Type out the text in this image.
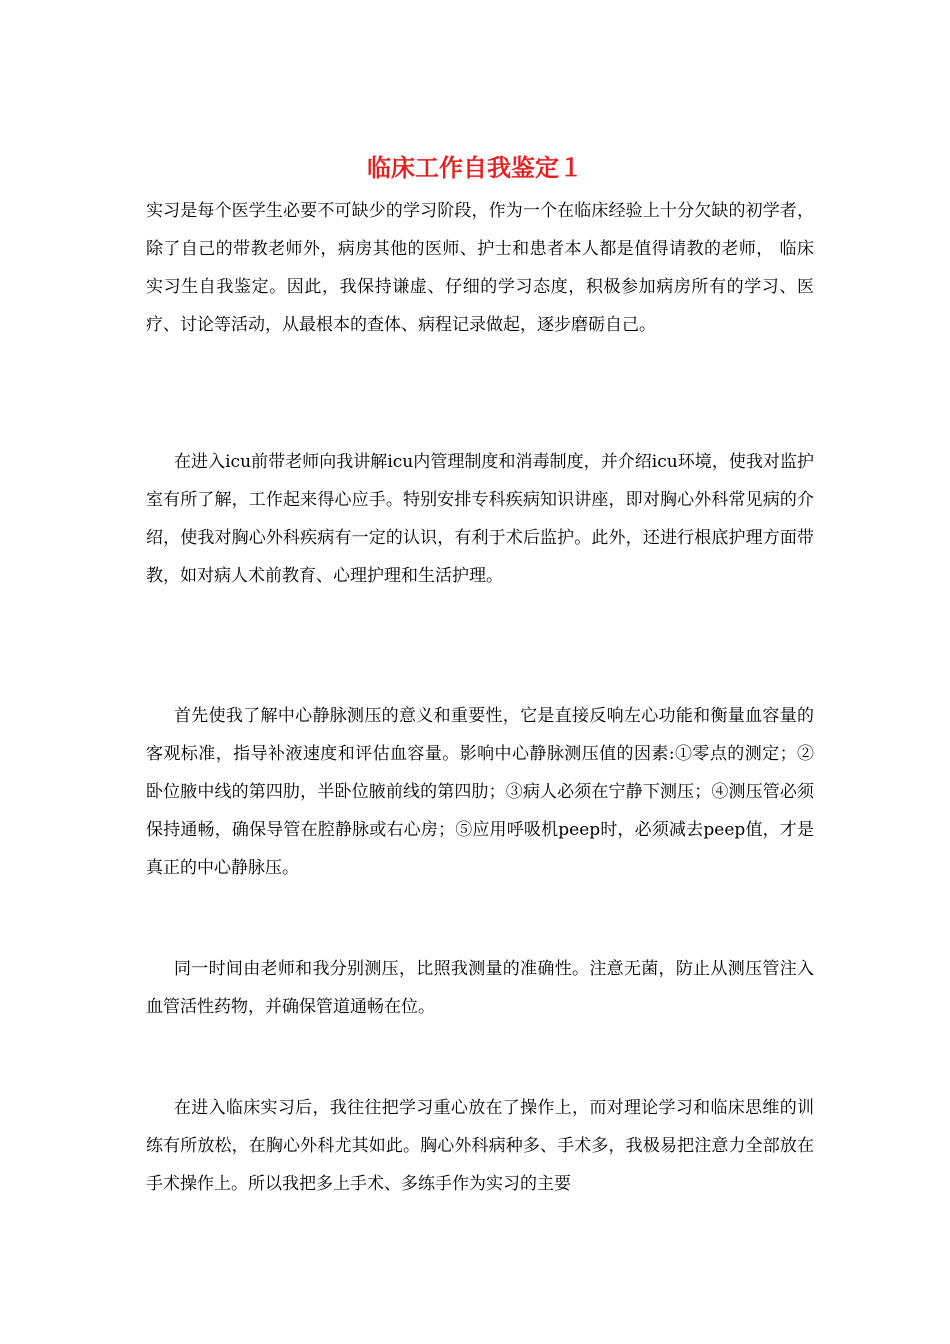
临床工作自我鉴定１

实习是每个医学生必要不可缺少的学习阶段，作为一个在临床经验上十分欠缺的初学者，除了自己的带教老师外，病房其他的医师、护士和患者本人都是值得请教的老师， 临床实习生自我鉴定。因此，我保持谦虚、仔细的学习态度，积极参加病房所有的学习、医疗、讨论等活动，从最根本的查体、病程记录做起，逐步磨砺自己。

在进入icu前带老师向我讲解icu内管理制度和消毒制度，并介绍icu环境，使我对监护室有所了解，工作起来得心应手。特别安排专科疾病知识讲座，即对胸心外科常见病的介绍，使我对胸心外科疾病有一定的认识，有利于术后监护。此外，还进行根底护理方面带教，如对病人术前教育、心理护理和生活护理。

首先使我了解中心静脉测压的意义和重要性，它是直接反响左心功能和衡量血容量的客观标准，指导补液速度和评估血容量。影响中心静脉测压值的因素:①零点的测定；②卧位腋中线的第四肋，半卧位腋前线的第四肋；③病人必须在宁静下测压；④测压管必须保持通畅，确保导管在腔静脉或右心房；⑤应用呼吸机peep时，必须减去peep值，才是真正的中心静脉压。

同一时间由老师和我分别测压，比照我测量的准确性。注意无菌，防止从测压管注入血管活性药物，并确保管道通畅在位。

在进入临床实习后，我往往把学习重心放在了操作上，而对理论学习和临床思维的训练有所放松，在胸心外科尤其如此。胸心外科病种多、手术多，我极易把注意力全部放在手术操作上。所以我把多上手术、多练手作为实习的主要
